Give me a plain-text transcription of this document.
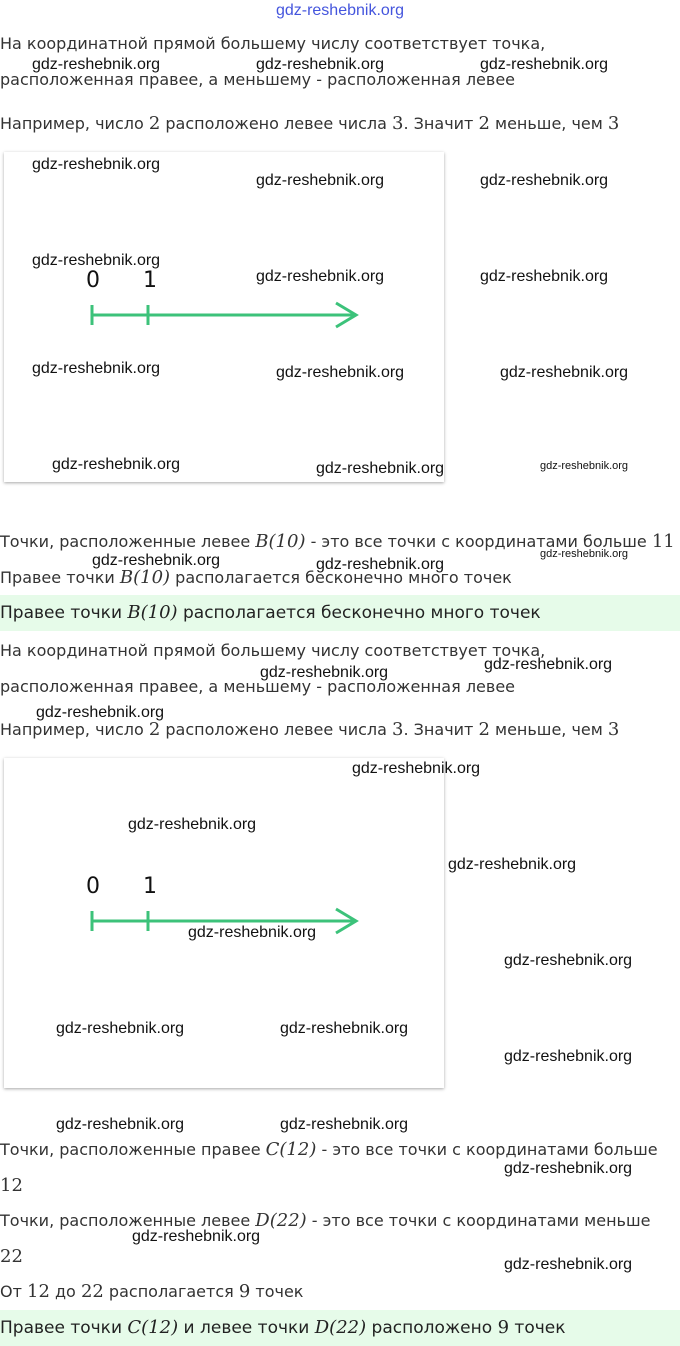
gdz-reshebnik.org
На координатной прямой большему числу соответствует точка,
расположенная правее, а меньшему - расположенная левее
Например, число 2 расположено левее числа 3. Значит 2 меньше, чем 3
0 1
Точки, расположенные левее B(10) - это все точки с координатами больше 11
Правее точки B(10) располагается бесконечно много точек
Правее точки B(10) располагается бесконечно много точек
На координатной прямой большему числу соответствует точка,
расположенная правее, а меньшему - расположенная левее
Например, число 2 расположено левее числа 3. Значит 2 меньше, чем 3
0 1
Точки, расположенные правее C(12) - это все точки с координатами больше
12
Точки, расположенные левее D(22) - это все точки с координатами меньше
22
От 12 до 22 располагается 9 точек
Правее точки C(12) и левее точки D(22) расположено 9 точек
gdz-reshebnik.org	gdz-reshebnik.org	gdz-reshebnik.org
gdz-reshebnik.org
gdz-reshebnik.org	gdz-reshebnik.org
gdz-reshebnik.org
gdz-reshebnik.org	gdz-reshebnik.org
gdz-reshebnik.org	gdz-reshebnik.org	gdz-reshebnik.org
gdz-reshebnik.org	gdz-reshebnik.org	gdz-reshebnik.org
gdz-reshebnik.org
gdz-reshebnik.org	gdz-reshebnik.org
gdz-reshebnik.org
gdz-reshebnik.org
gdz-reshebnik.org
gdz-reshebnik.org
gdz-reshebnik.org
gdz-reshebnik.org
gdz-reshebnik.org
gdz-reshebnik.org
gdz-reshebnik.org	gdz-reshebnik.org
gdz-reshebnik.org
gdz-reshebnik.org	gdz-reshebnik.org
gdz-reshebnik.org
gdz-reshebnik.org
gdz-reshebnik.org
